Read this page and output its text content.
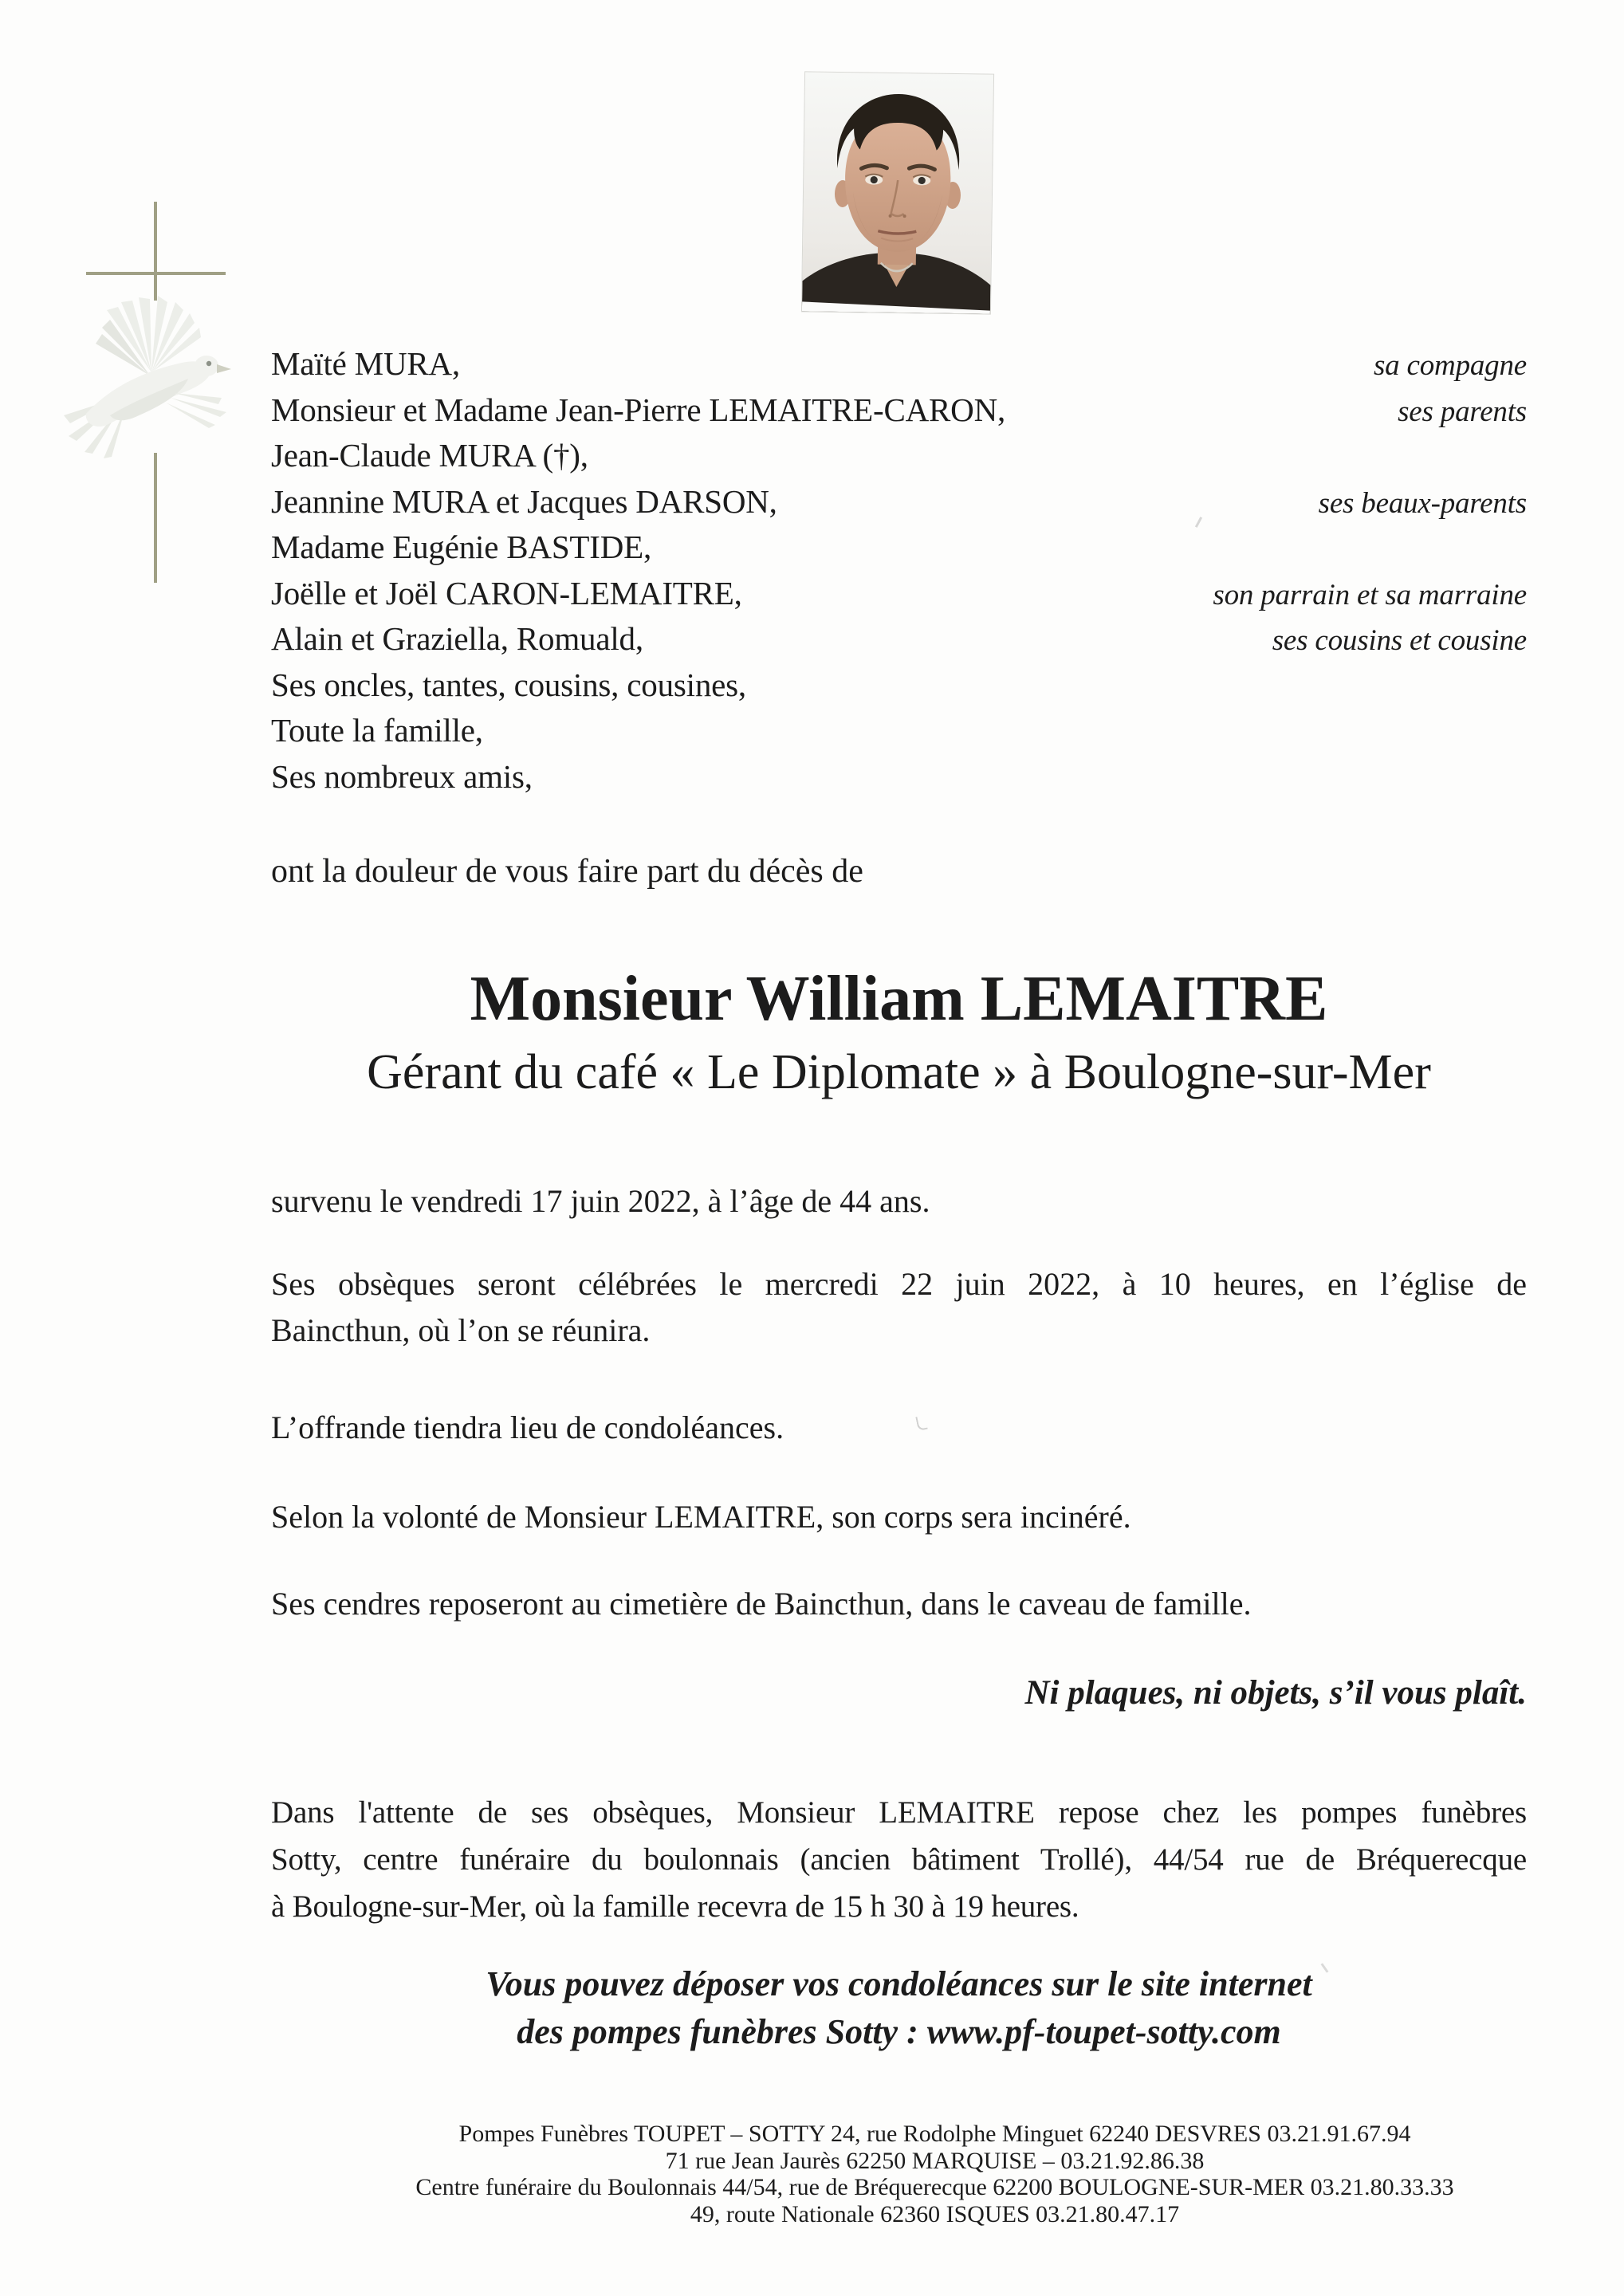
Maïté MURA,	sa compagne
Monsieur et Madame Jean-Pierre LEMAITRE-CARON,	ses parents
Jean-Claude MURA (†),
Jeannine MURA et Jacques DARSON,	ses beaux-parents
Madame Eugénie BASTIDE,
Joëlle et Joël CARON-LEMAITRE,	son parrain et sa marraine
Alain et Graziella, Romuald,	ses cousins et cousine
Ses oncles, tantes, cousins, cousines,
Toute la famille,
Ses nombreux amis,
ont la douleur de vous faire part du décès de
Monsieur William LEMAITRE
Gérant du café « Le Diplomate » à Boulogne-sur-Mer
survenu le vendredi 17 juin 2022, à l’âge de 44 ans.
Ses obsèques seront célébrées le mercredi 22 juin 2022, à 10 heures, en l’église de
Baincthun, où l’on se réunira.
L’offrande tiendra lieu de condoléances.
Selon la volonté de Monsieur LEMAITRE, son corps sera incinéré.
Ses cendres reposeront au cimetière de Baincthun, dans le caveau de famille.
Ni plaques, ni objets, s’il vous plaît.
Dans l'attente de ses obsèques, Monsieur LEMAITRE repose chez les pompes funèbres
Sotty, centre funéraire du boulonnais (ancien bâtiment Trollé), 44/54 rue de Bréquerecque
à Boulogne-sur-Mer, où la famille recevra de 15 h 30 à 19 heures.
Vous pouvez déposer vos condoléances sur le site internet
des pompes funèbres Sotty : www.pf-toupet-sotty.com
Pompes Funèbres TOUPET – SOTTY 24, rue Rodolphe Minguet 62240 DESVRES 03.21.91.67.94
71 rue Jean Jaurès 62250 MARQUISE – 03.21.92.86.38
Centre funéraire du Boulonnais 44/54, rue de Bréquerecque 62200 BOULOGNE-SUR-MER 03.21.80.33.33
49, route Nationale 62360 ISQUES 03.21.80.47.17
